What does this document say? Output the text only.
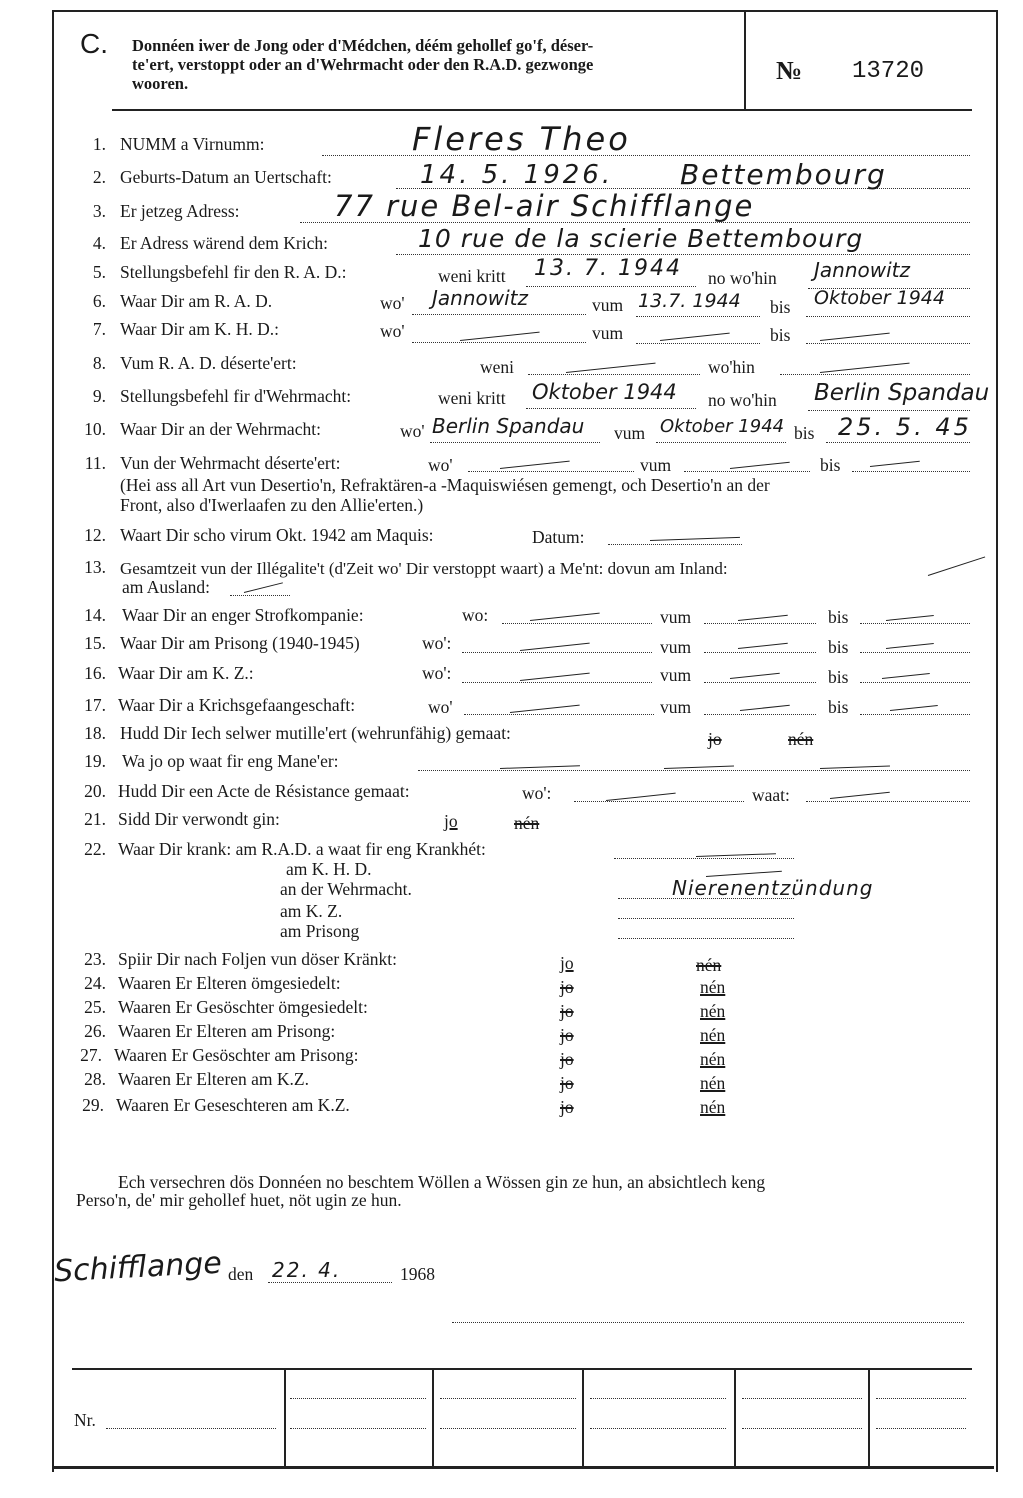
C. Donnéen iwer de Jong oder d'Médchen, déém gehollef go'f, déser-
te'ert, verstoppt oder an d'Wehrmacht oder den R.A.D. gezwonge
wooren.	№ 13720
1. NUMM a Virnumm:	Fleres Theo
2. Geburts-Datum an Uertschaft:	14. 5. 1926. Bettembourg
3. Er jetzeg Adress:	77 rue Bel-air Schifflange
4. Er Adress wärend dem Krich:	10 rue de la scierie Bettembourg
5. Stellungsbefehl fir den R. A. D.:	weni kritt 13. 7. 1944 no wo'hin Jannowitz
6. Waar Dir am R. A. D.	wo' Jannowitz	vum 13.7. 1944 bis Oktober 1944
7. Waar Dir am K. H. D.:	wo'	vum	bis
8. Vum R. A. D. déserte'ert:	weni	wo'hin
9. Stellungsbefehl fir d'Wehrmacht:	weni kritt Oktober 1944 no wo'hin Berlin Spandau
10. Waar Dir an der Wehrmacht:	wo' Berlin Spandau vum Oktober 1944 bis 25. 5. 45
11. Vun der Wehrmacht déserte'ert:	wo'	vum	bis
(Hei ass all Art vun Desertio'n, Refraktären-a -Maquiswiésen gemengt, och Desertio'n an der
Front, also d'Iwerlaafen zu den Allie'erten.)
12. Waart Dir scho virum Okt. 1942 am Maquis:	Datum:
13. Gesamtzeit vun der Illégalite't (d'Zeit wo' Dir verstoppt waart) a Me'nt: dovun am Inland:
am Ausland:
14. Waar Dir an enger Strofkompanie:	wo:	vum	bis
15. Waar Dir am Prisong (1940-1945)	wo':	vum	bis
16. Waar Dir am K. Z.:	wo':	vum	bis
17. Waar Dir a Krichsgefaangeschaft:	wo'	vum	bis
18. Hudd Dir Iech selwer mutille'ert (wehrunfähig) gemaat:	jo	nén
19. Wa jo op waat fir eng Mane'er:
20. Hudd Dir een Acte de Résistance gemaat:	wo':	waat:
21. Sidd Dir verwondt gin:	jo	nén
22. Waar Dir krank: am R.A.D. a waat fir eng Krankhét:
am K. H. D.
an der Wehrmacht.	Nierenentzündung
am K. Z.
am Prisong
23. Spiir Dir nach Foljen vun döser Kränkt:	jo	nén
24. Waaren Er Elteren ömgesiedelt:	jo	nén
25. Waaren Er Gesöschter ömgesiedelt:	jo	nén
26. Waaren Er Elteren am Prisong:	jo	nén
27. Waaren Er Gesöschter am Prisong:	jo	nén
28. Waaren Er Elteren am K.Z.	jo	nén
29. Waaren Er Geseschteren am K.Z.	jo	nén
Ech versechren dös Donnéen no beschtem Wöllen a Wössen gin ze hun, an absichtlech keng
Perso'n, de' mir gehollef huet, nöt ugin ze hun.
Schifflange den 22. 4.	1968
Nr.
